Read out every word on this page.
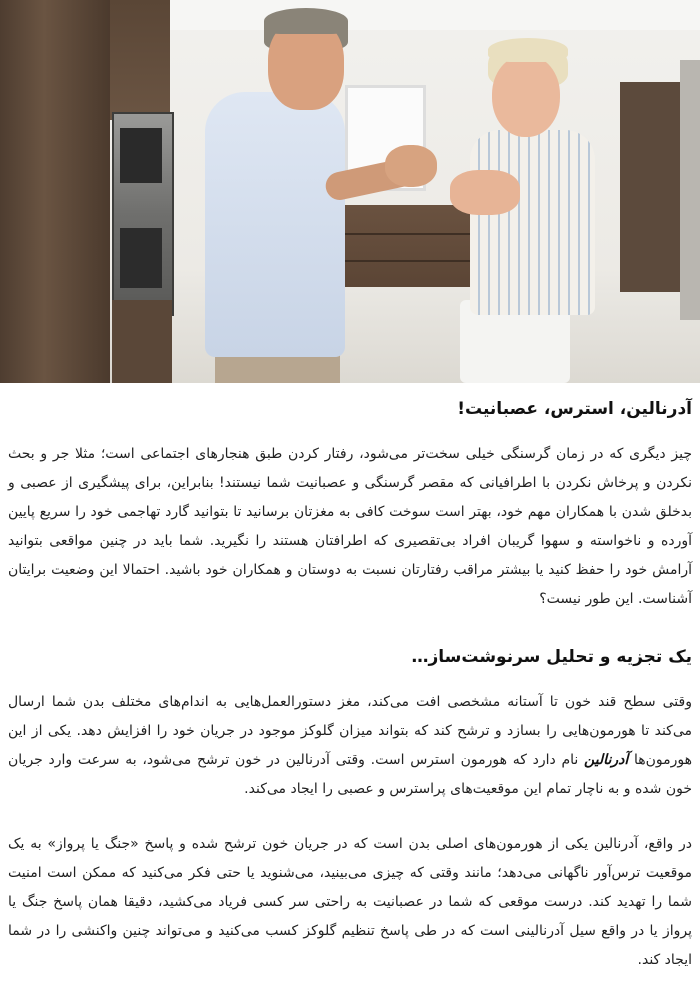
آدرنالین، استرس، عصبانیت!

چیز دیگری که در زمان گرسنگی خیلی سخت‌تر می‌شود، رفتار کردن طبق هنجارهای اجتماعی است؛ مثلا جر و بحث نکردن و پرخاش نکردن با اطرافیانی که مقصر گرسنگی و عصبانیت شما نیستند! بنابراین، برای پیشگیری از عصبی و بدخلق شدن با همکاران مهم خود، بهتر است سوخت کافی به مغزتان برسانید تا بتوانید گارد تهاجمی خود را سریع پایین آورده و ناخواسته و سهوا گریبان افراد بی‌تقصیری که اطرافتان هستند را نگیرید. شما باید در چنین مواقعی بتوانید آرامش خود را حفظ کنید یا بیشتر مراقب رفتارتان نسبت به دوستان و همکاران خود باشید. احتمالا این وضعیت برایتان آشناست. این طور نیست؟

یک تجزیه و تحلیل سرنوشت‌ساز…

وقتی سطح قند خون تا آستانه مشخصی افت می‌کند، مغز دستورالعمل‌هایی به اندام‌های مختلف بدن شما ارسال می‌کند تا هورمون‌هایی را بسازد و ترشح کند که بتواند میزان گلوکز موجود در جریان خود را افزایش دهد. یکی از این هورمون‌ها آدرنالین نام دارد که هورمون استرس است. وقتی آدرنالین در خون ترشح می‌شود، به سرعت وارد جریان خون شده و به ناچار تمام این موقعیت‌های پراسترس و عصبی را ایجاد می‌کند.

در واقع، آدرنالین یکی از هورمون‌های اصلی بدن است که در جریان خون ترشح شده و پاسخ «جنگ یا پرواز» به یک موقعیت ترس‌آور ناگهانی می‌دهد؛ مانند وقتی که چیزی می‌بینید، می‌شنوید یا حتی فکر می‌کنید که ممکن است امنیت شما را تهدید کند. درست موقعی که شما در عصبانیت به راحتی سر کسی فریاد می‌کشید، دقیقا همان پاسخ جنگ یا پرواز یا در واقع سیل آدرنالینی است که در طی پاسخ تنظیم گلوکز کسب می‌کنید و می‌تواند چنین واکنشی را در شما ایجاد کند.
